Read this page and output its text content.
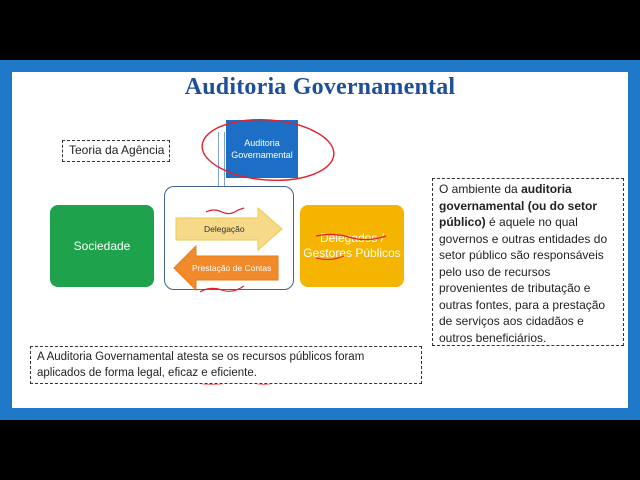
Auditoria Governamental
Teoria da Agência	Auditoria Governamental
Sociedade
Delegados / Gestores Públicos
Delegação
Prestação de Contas
O ambiente da auditoria governamental (ou do setor público) é aquele no qual governos e outras entidades do setor público são responsáveis pelo uso de recursos provenientes de tributação e outras fontes, para a prestação de serviços aos cidadãos e outros beneficiários.
A Auditoria Governamental atesta se os recursos públicos foram aplicados de forma legal, eficaz e eficiente.
